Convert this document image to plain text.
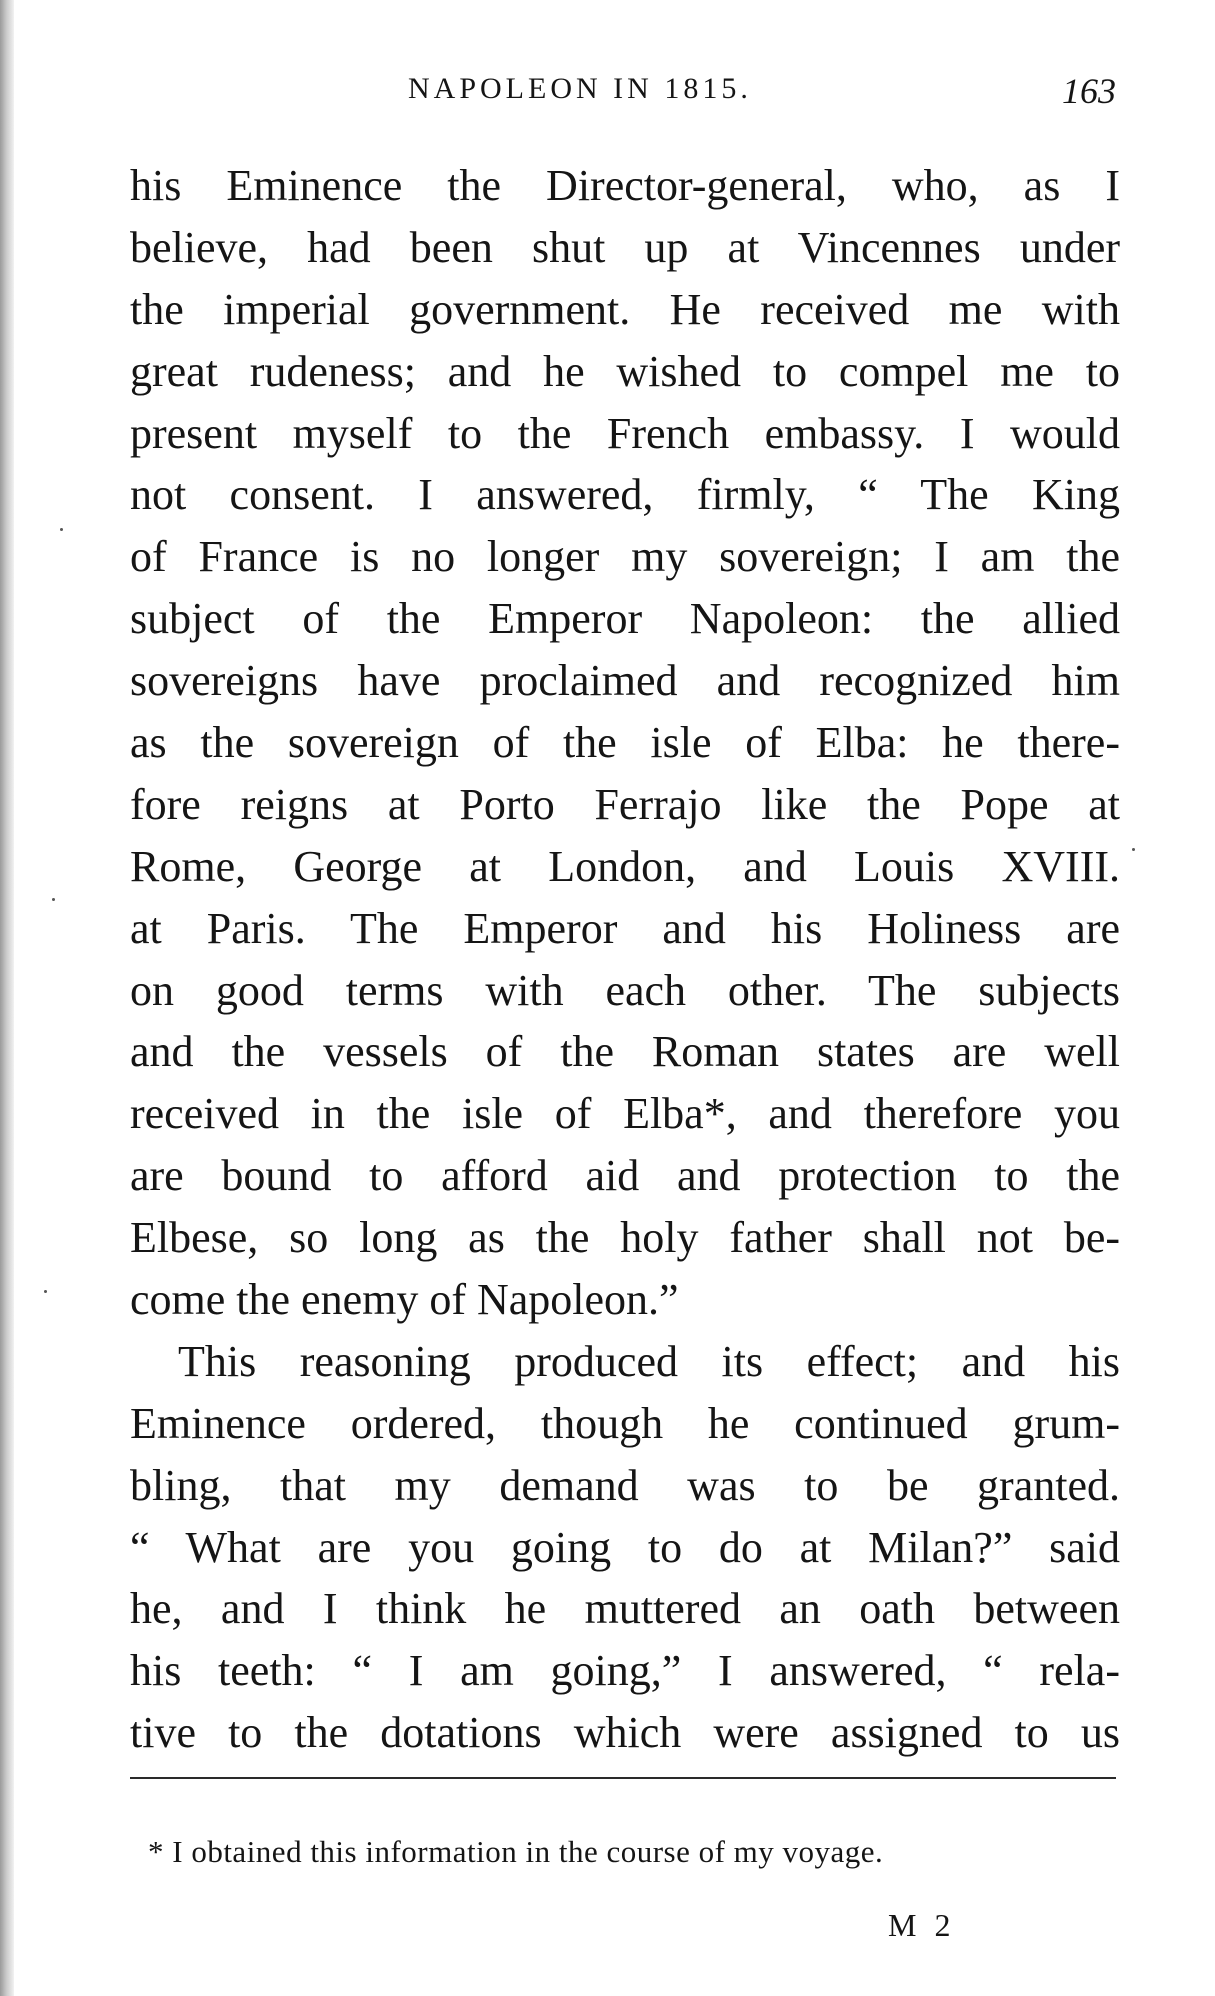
NAPOLEON IN 1815.	163
his Eminence the Director-general, who, as I
believe, had been shut up at Vincennes under
the imperial government. He received me with
great rudeness; and he wished to compel me to
present myself to the French embassy. I would
not consent. I answered, firmly, “ The King
of France is no longer my sovereign; I am the
subject of the Emperor Napoleon: the allied
sovereigns have proclaimed and recognized him
as the sovereign of the isle of Elba: he there-
fore reigns at Porto Ferrajo like the Pope at
Rome, George at London, and Louis XVIII.
at Paris. The Emperor and his Holiness are
on good terms with each other. The subjects
and the vessels of the Roman states are well
received in the isle of Elba*, and therefore you
are bound to afford aid and protection to the
Elbese, so long as the holy father shall not be-
come the enemy of Napoleon.”
This reasoning produced its effect; and his
Eminence ordered, though he continued grum-
bling, that my demand was to be granted.
“ What are you going to do at Milan?” said
he, and I think he muttered an oath between
his teeth: “ I am going,” I answered, “ rela-
tive to the dotations which were assigned to us
* I obtained this information in the course of my voyage.
M 2
